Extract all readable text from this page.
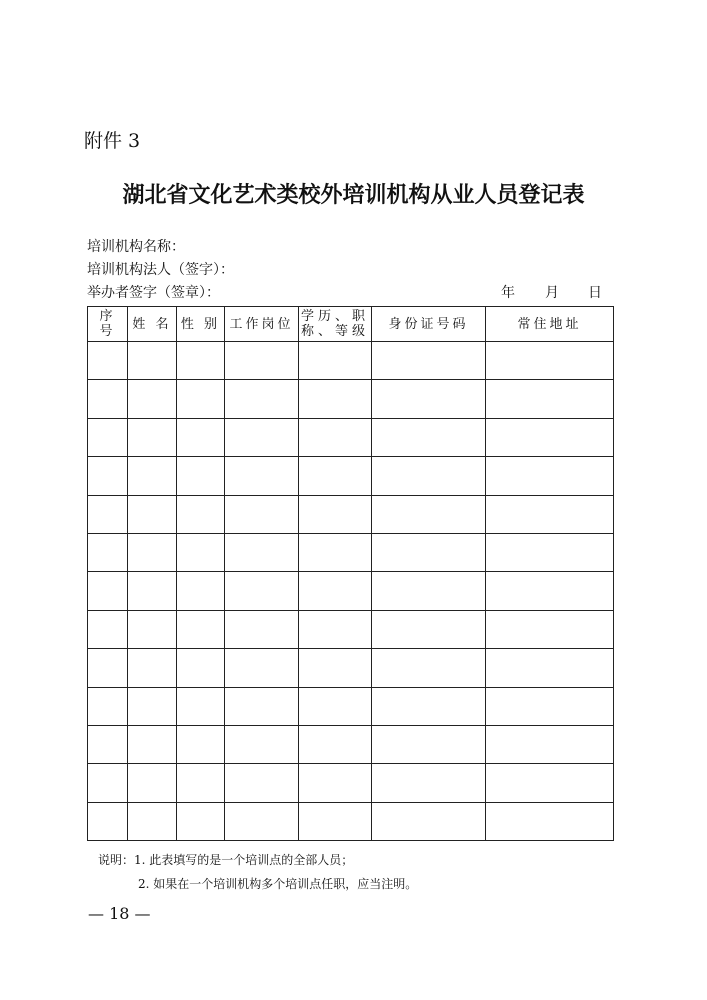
附件 3
湖北省文化艺术类校外培训机构从业人员登记表
培训机构名称：
培训机构法人（签字）：
举办者签字（签章）：	年 月 日
序 号	姓 名	性 别	工作岗位	学历、职称、等级	身份证号码	常住地址

说明：1. 此表填写的是一个培训点的全部人员；
2. 如果在一个培训机构多个培训点任职，应当注明。
— 18 —
